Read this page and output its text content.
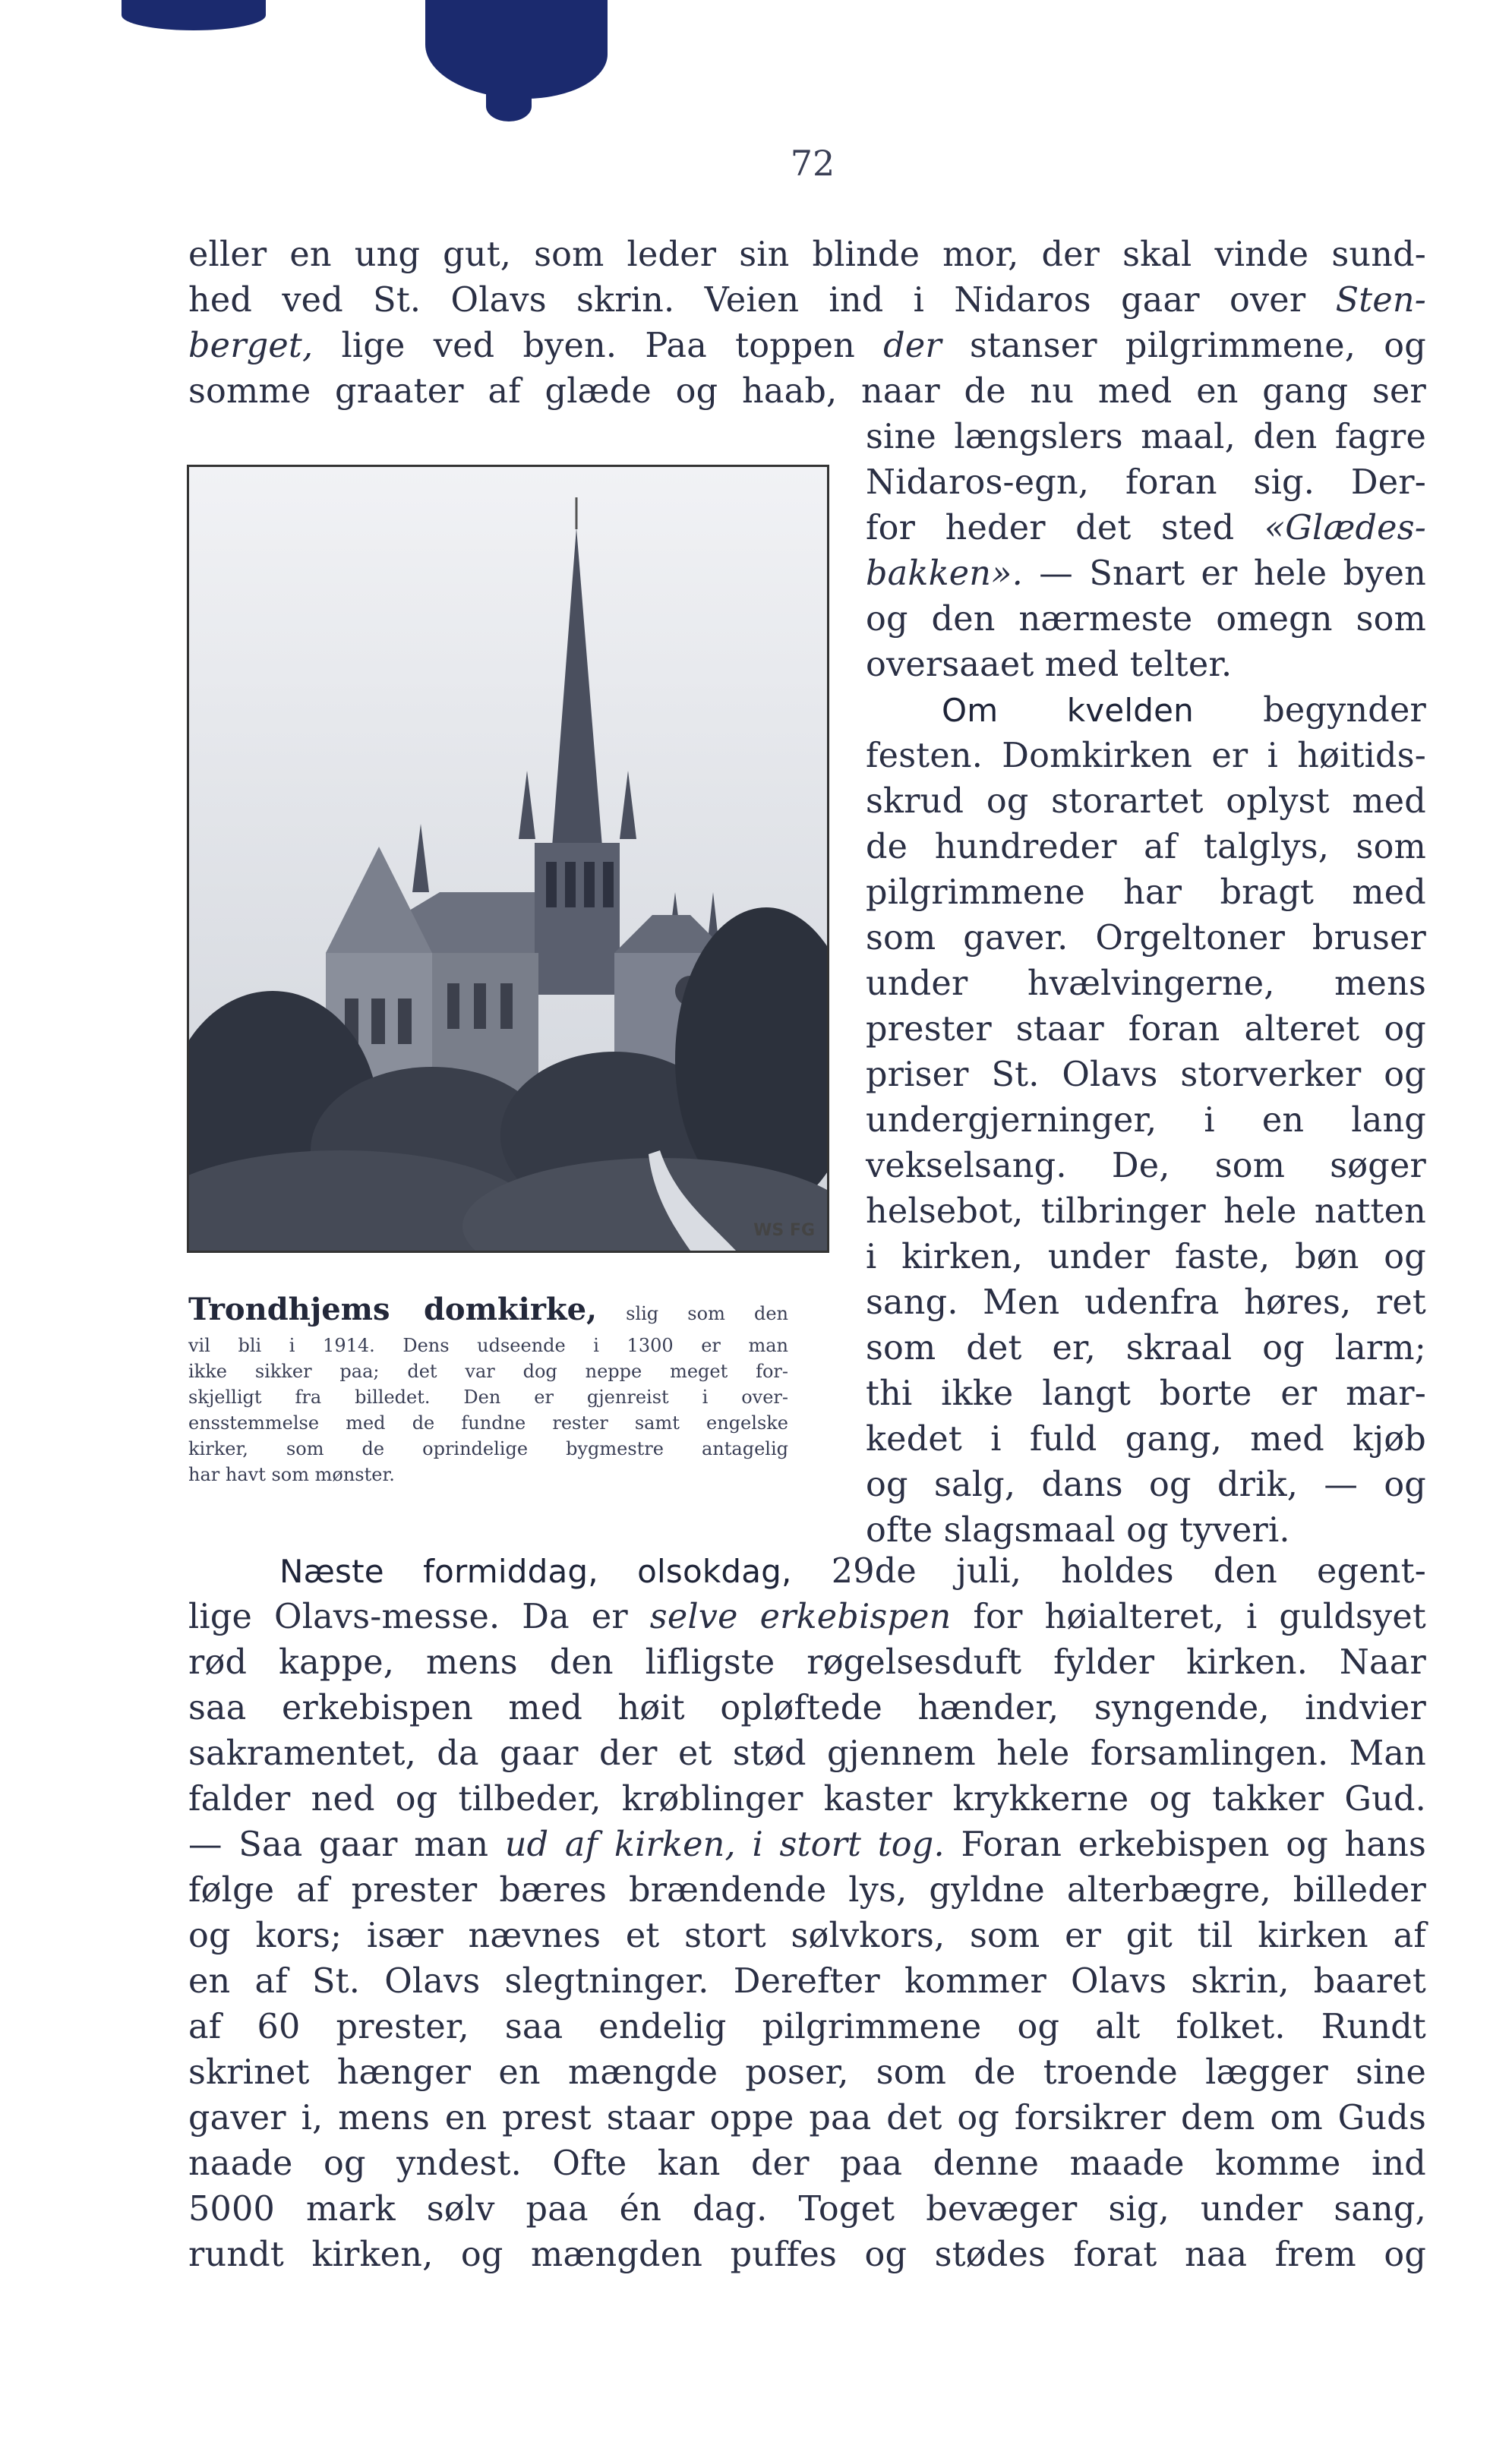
72
eller en ung gut, som leder sin blinde mor, der skal vinde sund-
hed ved St. Olavs skrin. Veien ind i Nidaros gaar over Sten-
berget, lige ved byen. Paa toppen der stanser pilgrimmene, og
somme graater af glæde og haab, naar de nu med en gang ser
sine længslers maal, den fagre
Nidaros-egn, foran sig. Der-
for heder det sted «Glædes-
bakken». — Snart er hele byen
og den nærmeste omegn som
oversaaet med telter.
Om kvelden begynder
festen. Domkirken er i høitids-
skrud og storartet oplyst med
de hundreder af talglys, som
pilgrimmene har bragt med
som gaver. Orgeltoner bruser
under hvælvingerne, mens
prester staar foran alteret og
priser St. Olavs storverker og
undergjerninger, i en lang
vekselsang. De, som søger
helsebot, tilbringer hele natten
i kirken, under faste, bøn og
sang. Men udenfra høres, ret
som det er, skraal og larm;
thi ikke langt borte er mar-
kedet i fuld gang, med kjøb
og salg, dans og drik, — og
ofte slagsmaal og tyveri.
WS FG
Trondhjems domkirke, slig som den
vil bli i 1914. Dens udseende i 1300 er man
ikke sikker paa; det var dog neppe meget for-
skjelligt fra billedet. Den er gjenreist i over-
ensstemmelse med de fundne rester samt engelske
kirker, som de oprindelige bygmestre antagelig
har havt som mønster.
Næste formiddag, olsokdag, 29de juli, holdes den egent-
lige Olavs-messe. Da er selve erkebispen for høialteret, i guldsyet
rød kappe, mens den lifligste røgelsesduft fylder kirken. Naar
saa erkebispen med høit opløftede hænder, syngende, indvier
sakramentet, da gaar der et stød gjennem hele forsamlingen. Man
falder ned og tilbeder, krøblinger kaster krykkerne og takker Gud.
— Saa gaar man ud af kirken, i stort tog. Foran erkebispen og hans
følge af prester bæres brændende lys, gyldne alterbægre, billeder
og kors; især nævnes et stort sølvkors, som er git til kirken af
en af St. Olavs slegtninger. Derefter kommer Olavs skrin, baaret
af 60 prester, saa endelig pilgrimmene og alt folket. Rundt
skrinet hænger en mængde poser, som de troende lægger sine
gaver i, mens en prest staar oppe paa det og forsikrer dem om Guds
naade og yndest. Ofte kan der paa denne maade komme ind
5000 mark sølv paa én dag. Toget bevæger sig, under sang,
rundt kirken, og mængden puffes og stødes forat naa frem og
